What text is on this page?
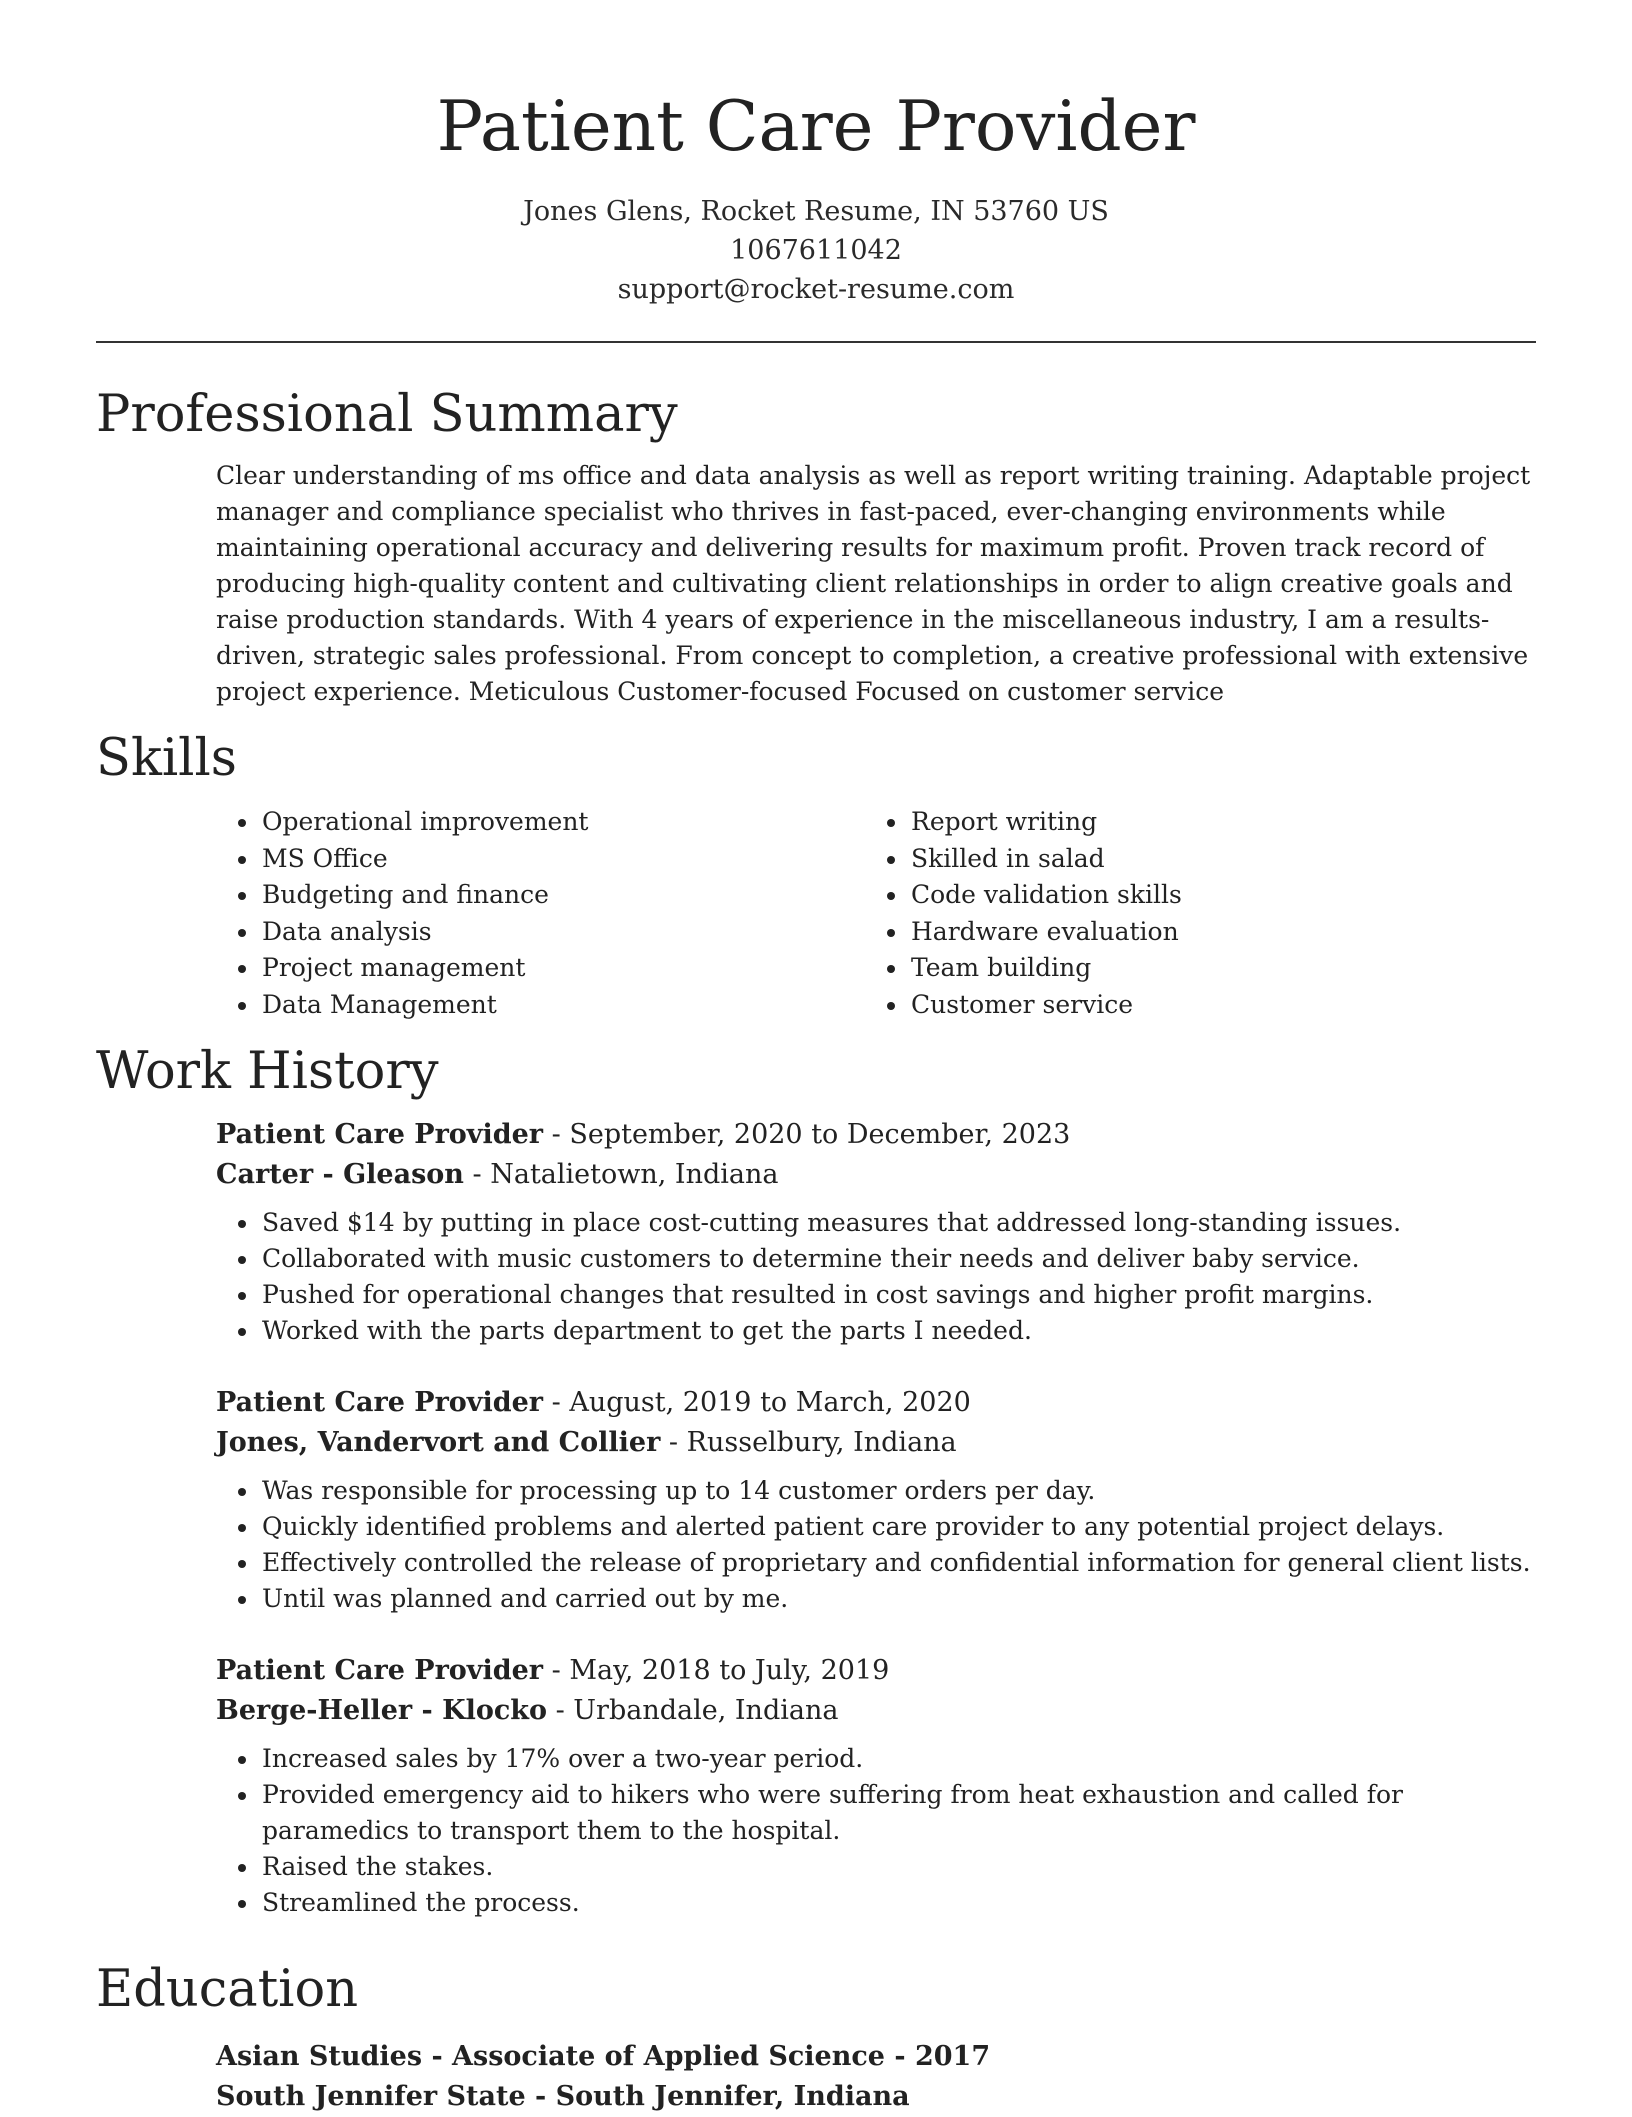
Patient Care Provider
Jones Glens, Rocket Resume, IN 53760 US
1067611042
support@rocket-resume.com
Professional Summary

Clear understanding of ms office and data analysis as well as report writing training. Adaptable project manager and compliance specialist who thrives in fast-paced, ever-changing environments while maintaining operational accuracy and delivering results for maximum profit. Proven track record of producing high-quality content and cultivating client relationships in order to align creative goals and raise production standards. With 4 years of experience in the miscellaneous industry, I am a results-driven, strategic sales professional. From concept to completion, a creative professional with extensive project experience. Meticulous Customer-focused Focused on customer service

Skills
• Operational improvement
• MS Office
• Budgeting and finance
• Data analysis
• Project management
• Data Management
• Report writing
• Skilled in salad
• Code validation skills
• Hardware evaluation
• Team building
• Customer service
Work History
Patient Care Provider - September, 2020 to December, 2023
Carter - Gleason - Natalietown, Indiana
• Saved $14 by putting in place cost-cutting measures that addressed long-standing issues.
• Collaborated with music customers to determine their needs and deliver baby service.
• Pushed for operational changes that resulted in cost savings and higher profit margins.
• Worked with the parts department to get the parts I needed.
Patient Care Provider - August, 2019 to March, 2020
Jones, Vandervort and Collier - Russelbury, Indiana
• Was responsible for processing up to 14 customer orders per day.
• Quickly identified problems and alerted patient care provider to any potential project delays.
• Effectively controlled the release of proprietary and confidential information for general client lists.
• Until was planned and carried out by me.
Patient Care Provider - May, 2018 to July, 2019
Berge-Heller - Klocko - Urbandale, Indiana
• Increased sales by 17% over a two-year period.
• Provided emergency aid to hikers who were suffering from heat exhaustion and called for paramedics to transport them to the hospital.
• Raised the stakes.
• Streamlined the process.
Education
Asian Studies - Associate of Applied Science - 2017
South Jennifer State - South Jennifer, Indiana
